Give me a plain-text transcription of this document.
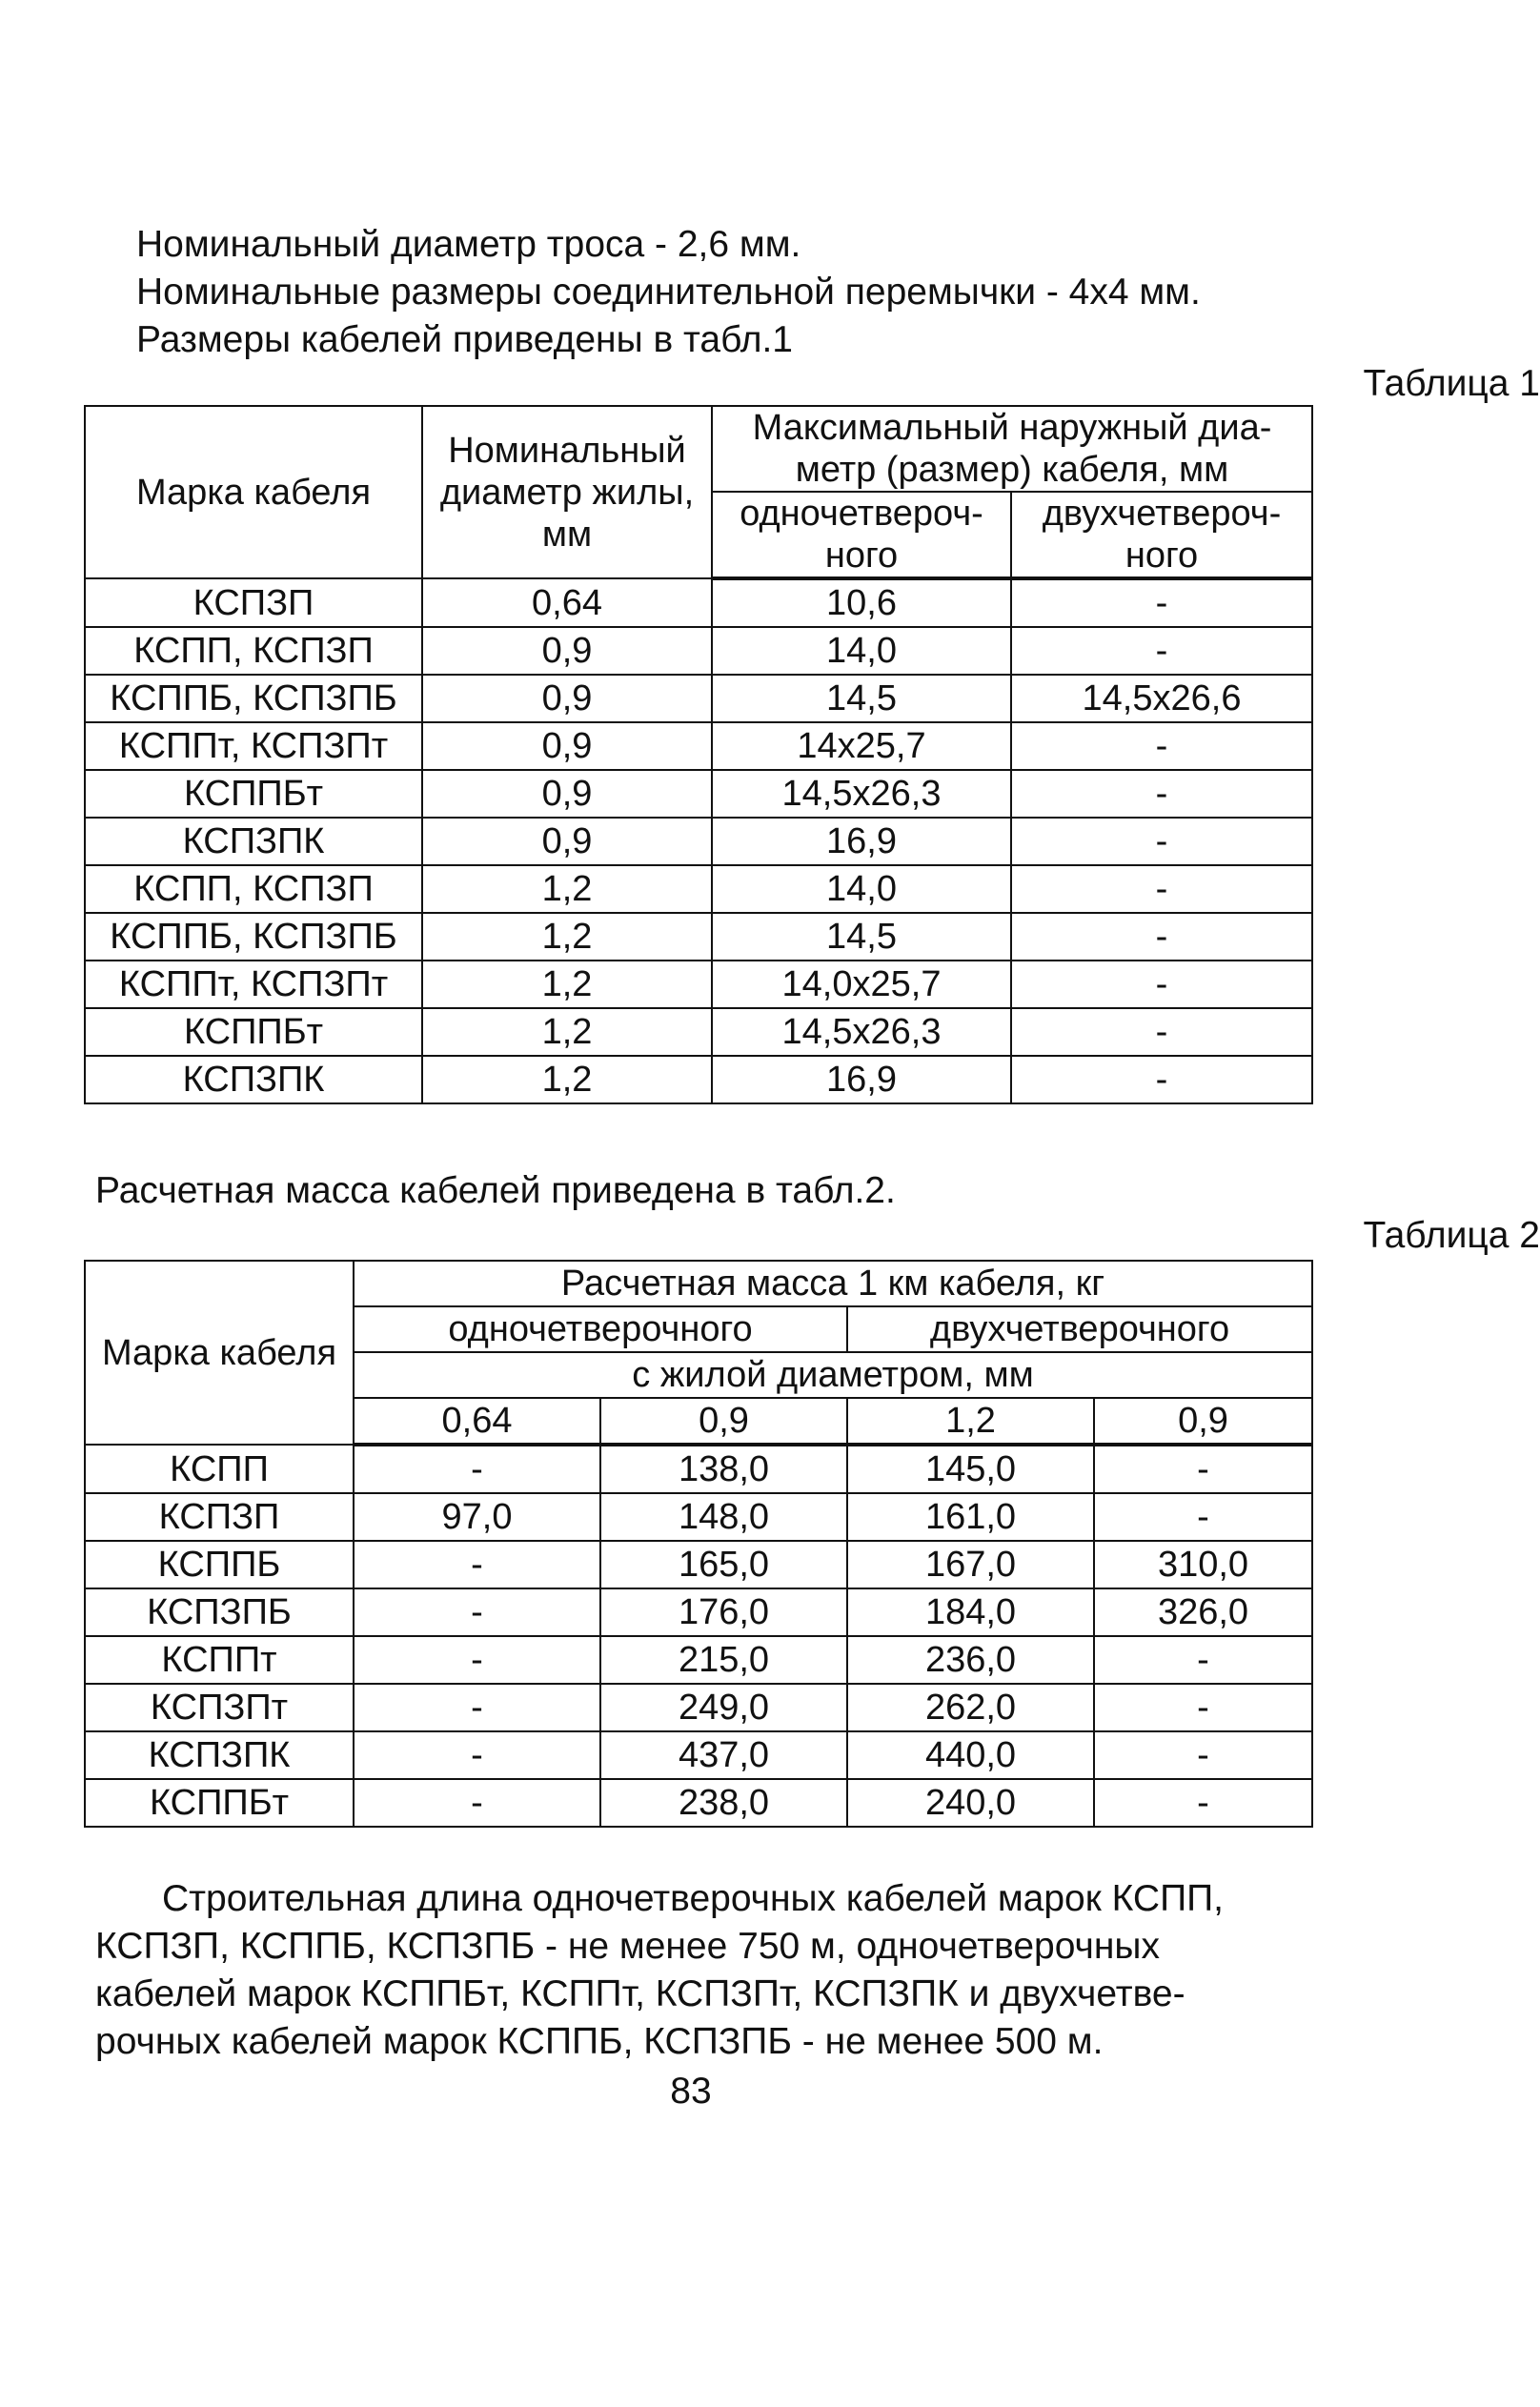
Номинальный диаметр троса - 2,6 мм.
Номинальные размеры соединительной перемычки - 4х4 мм.
Размеры кабелей приведены в табл.1
Таблица 1
Марка кабеля	Номинальный диаметр жилы, мм	Максимальный наружный диа-метр (размер) кабеля, мм	
		одночетвероч-ного	двухчетвероч-ного
КСПЗП	0,64	10,6	-
КСПП, КСПЗП	0,9	14,0	-
КСППБ, КСПЗПБ	0,9	14,5	14,5x26,6
КСППт, КСПЗПт	0,9	14x25,7	-
КСППБт	0,9	14,5x26,3	-
КСПЗПК	0,9	16,9	-
КСПП, КСПЗП	1,2	14,0	-
КСППБ, КСПЗПБ	1,2	14,5	-
КСППт, КСПЗПт	1,2	14,0x25,7	-
КСППБт	1,2	14,5x26,3	-
КСПЗПК	1,2	16,9	-
Расчетная масса кабелей приведена в табл.2.
Таблица 2
Марка кабеля	Расчетная масса 1 км кабеля, кг			
	одночетверочного		двухчетверочного	
	с жилой диаметром, мм			
	0,64	0,9	1,2	0,9
КСПП	-	138,0	145,0	-
КСПЗП	97,0	148,0	161,0	-
КСППБ	-	165,0	167,0	310,0
КСПЗПБ	-	176,0	184,0	326,0
КСППт	-	215,0	236,0	-
КСПЗПт	-	249,0	262,0	-
КСПЗПК	-	437,0	440,0	-
КСППБт	-	238,0	240,0	-
Строительная длина одночетверочных кабелей марок КСПП,
КСПЗП, КСППБ, КСПЗПБ - не менее 750 м, одночетверочных
кабелей марок КСППБт, КСППт, КСПЗПт, КСПЗПК и двухчетве-
рочных кабелей марок КСППБ, КСПЗПБ - не менее 500 м.
83
